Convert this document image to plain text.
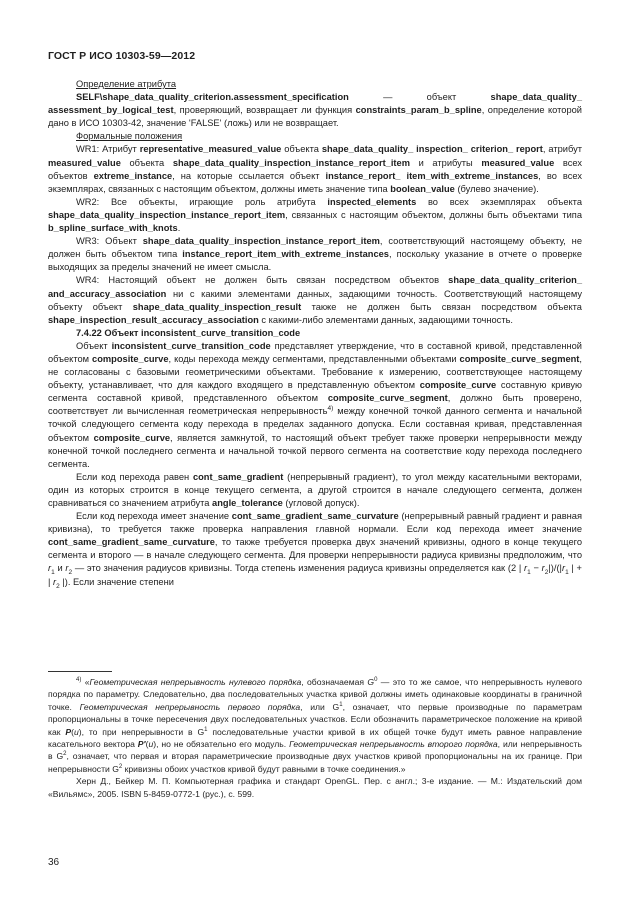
ГОСТ Р ИСО 10303-59—2012

Определение атрибута

SELF\shape_data_quality_criterion.assessment_specification — объект shape_data_quality_ assessment_by_logical_test, проверяющий, возвращает ли функция constraints_param_b_spline, определение которой дано в ИСО 10303-42, значение 'FALSE' (ложь) или не возвращает.

Формальные положения

WR1: Атрибут representative_measured_value объекта shape_data_quality_ inspection_ criterion_ report, атрибут measured_value объекта shape_data_quality_inspection_instance_report_item и атрибуты measured_value всех объектов extreme_instance, на которые ссылается объект instance_report_ item_with_extreme_instances, во всех экземплярах, связанных с настоящим объектом, должны иметь значение типа boolean_value (булево значение).

WR2: Все объекты, играющие роль атрибута inspected_elements во всех экземплярах объекта shape_data_quality_inspection_instance_report_item, связанных с настоящим объектом, должны быть объектами типа b_spline_surface_with_knots.

WR3: Объект shape_data_quality_inspection_instance_report_item, соответствующий настоящему объекту, не должен быть объектом типа instance_report_item_with_extreme_instances, поскольку указание в отчете о проверке выходящих за пределы значений не имеет смысла.

WR4: Настоящий объект не должен быть связан посредством объектов shape_data_quality_criterion_ and_accuracy_association ни с какими элементами данных, задающими точность. Соответствующий настоящему объекту объект shape_data_quality_inspection_result также не должен быть связан посредством объекта shape_inspection_result_accuracy_association с какими-либо элементами данных, задающими точность.

7.4.22 Объект inconsistent_curve_transition_code

Объект inconsistent_curve_transition_code представляет утверждение, что в составной кривой, представленной объектом composite_curve, коды перехода между сегментами, представленными объектами composite_curve_segment, не согласованы с базовыми геометрическими объектами. Требование к измерению, соответствующее настоящему объекту, устанавливает, что для каждого входящего в представленную объектом composite_curve составную кривую сегмента составной кривой, представленного объектом composite_curve_segment, должно быть проверено, соответствует ли вычисленная геометрическая непрерывность$^{4)}$ между конечной точкой данного сегмента и начальной точкой следующего сегмента коду перехода в пределах заданного допуска. Если составная кривая, представленная объектом composite_curve, является замкнутой, то настоящий объект требует также проверки непрерывности между конечной точкой последнего сегмента и начальной точкой первого сегмента на соответствие коду перехода последнего сегмента.

Если код перехода равен cont_same_gradient (непрерывный градиент), то угол между касательными векторами, один из которых строится в конце текущего сегмента, а другой строится в начале следующего сегмента, должен сравниваться со значением атрибута angle_tolerance (угловой допуск).

Если код перехода имеет значение cont_same_gradient_same_curvature (непрерывный равный градиент и равная кривизна), то требуется также проверка направления главной нормали. Если код перехода имеет значение cont_same_gradient_same_curvature, то также требуется проверка двух значений кривизны, одного в конце текущего сегмента и второго — в начале следующего сегмента. Для проверки непрерывности радиуса кривизны предположим, что $r_1$ и $r_2$ — это значения радиусов кривизны. Тогда степень изменения радиуса кривизны определяется как (2 | $r_1 - r_2|)/(|r_1$ | + | $r_2$ |). Если значение степени

$^{4)}$ «Геометрическая непрерывность нулевого порядка, обозначаемая $G^0$ — это то же самое, что непрерывность нулевого порядка по параметру. Следовательно, два последовательных участка кривой должны иметь одинаковые координаты в граничной точке. Геометрическая непрерывность первого порядка, или $G^1$, означает, что первые производные по параметрам пропорциональны в точке пересечения двух последовательных участков. Если обозначить параметрическое положение на кривой как P(u), то при непрерывности в $G^1$ последовательные участки кривой в их общей точке будут иметь равное направление касательного вектора P′(u), но не обязательно его модуль. Геометрическая непрерывность второго порядка, или непрерывность в $G^2$, означает, что первая и вторая параметрические производные двух участков кривой пропорциональны на их границе. При непрерывности $G^2$ кривизны обоих участков кривой будут равными в точке соединения.»

Херн Д., Бейкер М. П. Компьютерная графика и стандарт OpenGL. Пер. с англ.; 3-е издание. — М.: Издательский дом «Вильямс», 2005. ISBN 5-8459-0772-1 (рус.), с. 599.

36
